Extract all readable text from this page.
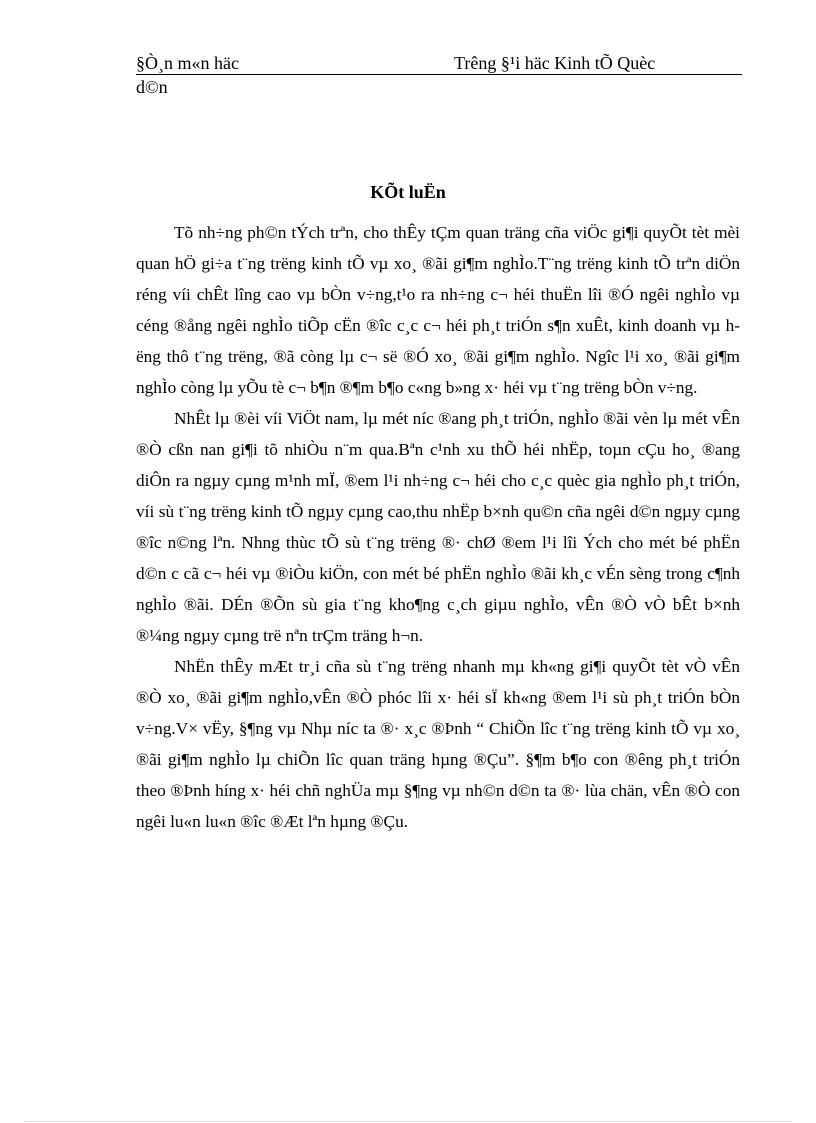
§Ò¸n m«n häc	Trêng §¹i häc Kinh tÕ Quèc
d©n
KÕt luËn

Tõ nh÷ng ph©n tÝch trªn, cho thÊy tÇm quan träng cña viÖc gi¶i quyÕt tèt mèi quan hÖ gi÷a t¨ng trëng kinh tÕ vµ xo¸ ®ãi gi¶m nghÌo.T¨ng trëng kinh tÕ trªn diÖn réng víi chÊt lîng cao vµ bÒn v÷ng,t¹o ra nh÷ng c¬ héi thuËn lîi ®Ó ngêi nghÌo vµ céng ®ång ngêi nghÌo tiÕp cËn ®îc c¸c c¬ héi ph¸t triÓn s¶n xuÊt, kinh doanh vµ hëng thô t¨ng trëng, ®ã còng lµ c¬ së ®Ó xo¸ ®ãi gi¶m nghÌo. Ngîc l¹i xo¸ ®ãi gi¶m nghÌo còng lµ yÕu tè c¬ b¶n ®¶m b¶o c«ng b»ng x· héi vµ t¨ng trëng bÒn v÷ng.

NhÊt lµ ®èi víi ViÖt nam, lµ mét níc ®ang ph¸t triÓn, nghÌo ®ãi vèn lµ mét vÊn ®Ò cßn nan gi¶i tõ nhiÒu n¨m qua.Bªn c¹nh xu thÕ héi nhËp, toµn cÇu ho¸ ®ang diÔn ra ngµy cµng m¹nh mÏ, ®em l¹i nh÷ng c¬ héi cho c¸c quèc gia nghÌo ph¸t triÓn, víi sù t¨ng trëng kinh tÕ ngµy cµng cao,thu nhËp b×nh qu©n cña ngêi d©n ngµy cµng ®îc n©ng lªn. Nhng thùc tÕ sù t¨ng trëng ®· chØ ®em l¹i lîi Ých cho mét bé phËn d©n c cã c¬ héi vµ ®iÒu kiÖn, con mét bé phËn nghÌo ®ãi kh¸c vÉn sèng trong c¶nh nghÌo ®ãi. DÉn ®Õn sù gia t¨ng kho¶ng c¸ch giµu nghÌo, vÊn ®Ò vÒ bÊt b×nh ®¼ng ngµy cµng trë nªn trÇm träng h¬n.

NhËn thÊy mÆt tr¸i cña sù t¨ng trëng nhanh mµ kh«ng gi¶i quyÕt tèt vÒ vÊn ®Ò xo¸ ®ãi gi¶m nghÌo,vÊn ®Ò phóc lîi x· héi sÏ kh«ng ®em l¹i sù ph¸t triÓn bÒn v÷ng.V× vËy, §¶ng vµ Nhµ níc ta ®· x¸c ®Þnh “ ChiÕn lîc t¨ng trëng kinh tÕ vµ xo¸ ®ãi gi¶m nghÌo lµ chiÕn lîc quan träng hµng ®Çu”. §¶m b¶o con ®êng ph¸t triÓn theo ®Þnh híng x· héi chñ nghÜa mµ §¶ng vµ nh©n d©n ta ®· lùa chän, vÊn ®Ò con ngêi lu«n lu«n ®îc ®Æt lªn hµng ®Çu.
